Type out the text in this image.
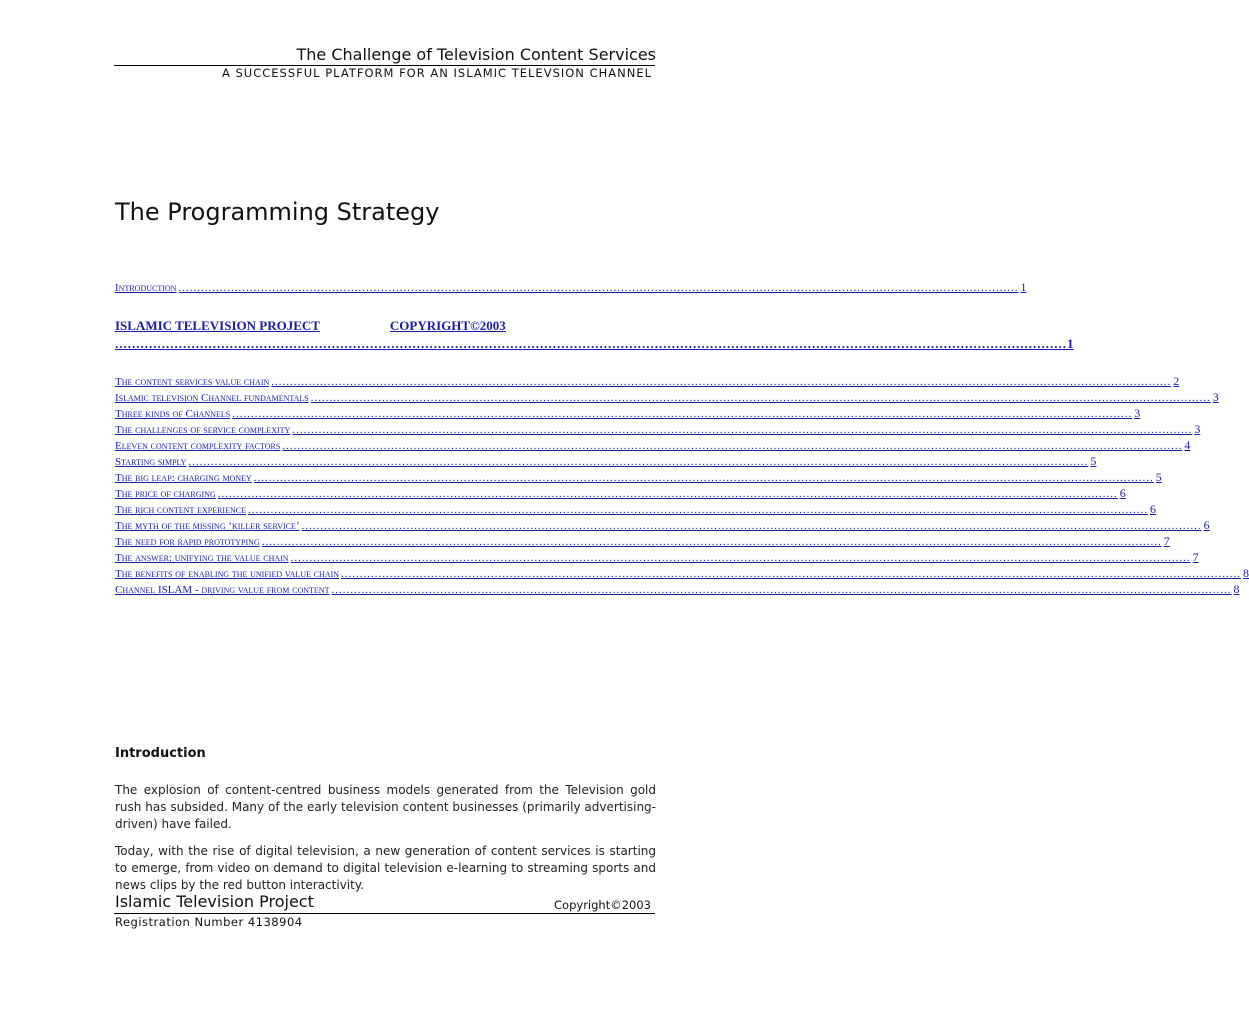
The Challenge of Television Content Services
A SUCCESSFUL PLATFORM FOR AN ISLAMIC TELEVSION CHANNEL
The Programming Strategy
Introduction ................................................................................................................................................................................................................................ 1
ISLAMIC TELEVISION PROJECT	COPYRIGHT©2003
................................................................................................................................................................................................................................ 1
The content services value chain ................................................................................................................................................................................................................................................ 2
Islamic television Channel fundamentals ................................................................................................................................................................................................................................................ 3
Three kinds of Channels ................................................................................................................................................................................................................................................ 3
The challenges of service complexity ................................................................................................................................................................................................................................................ 3
Eleven content complexity factors ................................................................................................................................................................................................................................................ 4
Starting simply ................................................................................................................................................................................................................................................ 5
The big leap: charging money ................................................................................................................................................................................................................................................ 5
The price of charging ................................................................................................................................................................................................................................................ 6
The rich content experience ................................................................................................................................................................................................................................................ 6
The myth of the missing ‘killer service’ ................................................................................................................................................................................................................................................ 6
The need for rapid prototyping ................................................................................................................................................................................................................................................ 7
The answer: unifying the value chain ................................................................................................................................................................................................................................................ 7
The benefits of enabling the unified value chain ................................................................................................................................................................................................................................................ 8
Channel ISLAM - driving value from content ................................................................................................................................................................................................................................................ 8
Introduction
The explosion of content-centred business models generated from the Television gold rush has subsided. Many of the early television content businesses (primarily advertising-driven) have failed.
Today, with the rise of digital television, a new generation of content services is starting to emerge, from video on demand to digital television e-learning to streaming sports and news clips by the red button interactivity.
Islamic Television Project	Copyright©2003
Registration Number 4138904
